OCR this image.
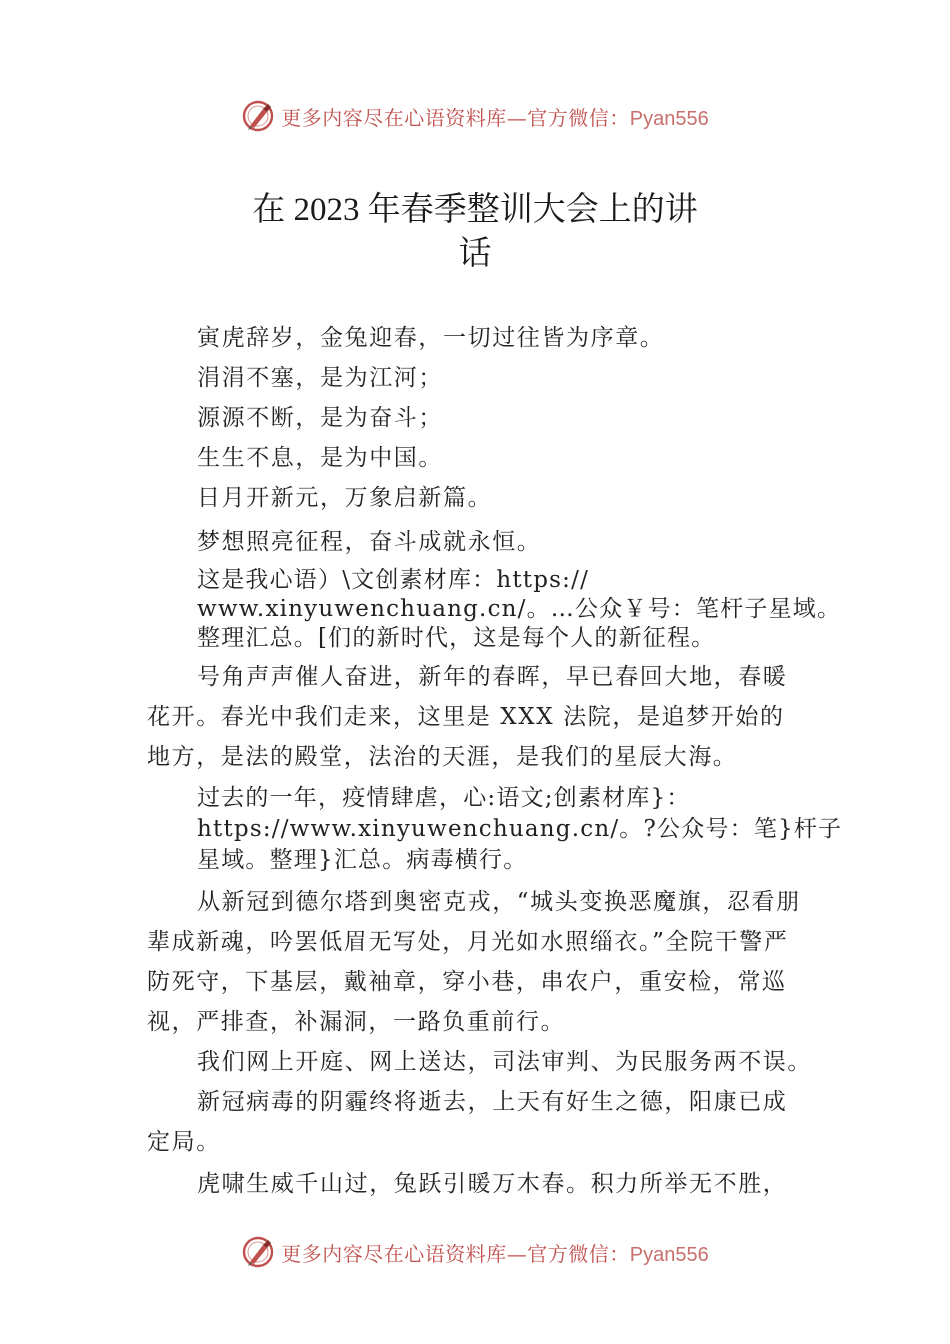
更多内容尽在心语资料库—官方微信：Pyan556
在 2023 年春季整训大会上的讲
话

寅虎辞岁，金兔迎春，一切过往皆为序章。

涓涓不塞，是为江河；

源源不断，是为奋斗；

生生不息，是为中国。

日月开新元，万象启新篇。

梦想照亮征程，奋斗成就永恒。

这是我心语）\文创素材库：https://
www.xinyuwenchuang.cn/。…公众￥号：笔杆子星域。
整理汇总。[们的新时代，这是每个人的新征程。
号角声声催人奋进，新年的春晖，早已春回大地，春暖
花开。春光中我们走来，这里是 XXX 法院，是追梦开始的
地方，是法的殿堂，法治的天涯，是我们的星辰大海。
过去的一年，疫情肆虐，心:语文;创素材库}：
https://www.xinyuwenchuang.cn/。?公众号：笔}杆子
星域。整理}汇总。病毒横行。
从新冠到德尔塔到奥密克戎，“城头变换恶魔旗，忍看朋
辈成新魂，吟罢低眉无写处，月光如水照缁衣。”全院干警严
防死守，下基层，戴袖章，穿小巷，串农户，重安检，常巡
视，严排查，补漏洞，一路负重前行。

我们网上开庭、网上送达，司法审判、为民服务两不误。

新冠病毒的阴霾终将逝去，上天有好生之德，阳康已成
定局。

虎啸生威千山过，兔跃引暖万木春。积力所举无不胜，

更多内容尽在心语资料库—官方微信：Pyan556
